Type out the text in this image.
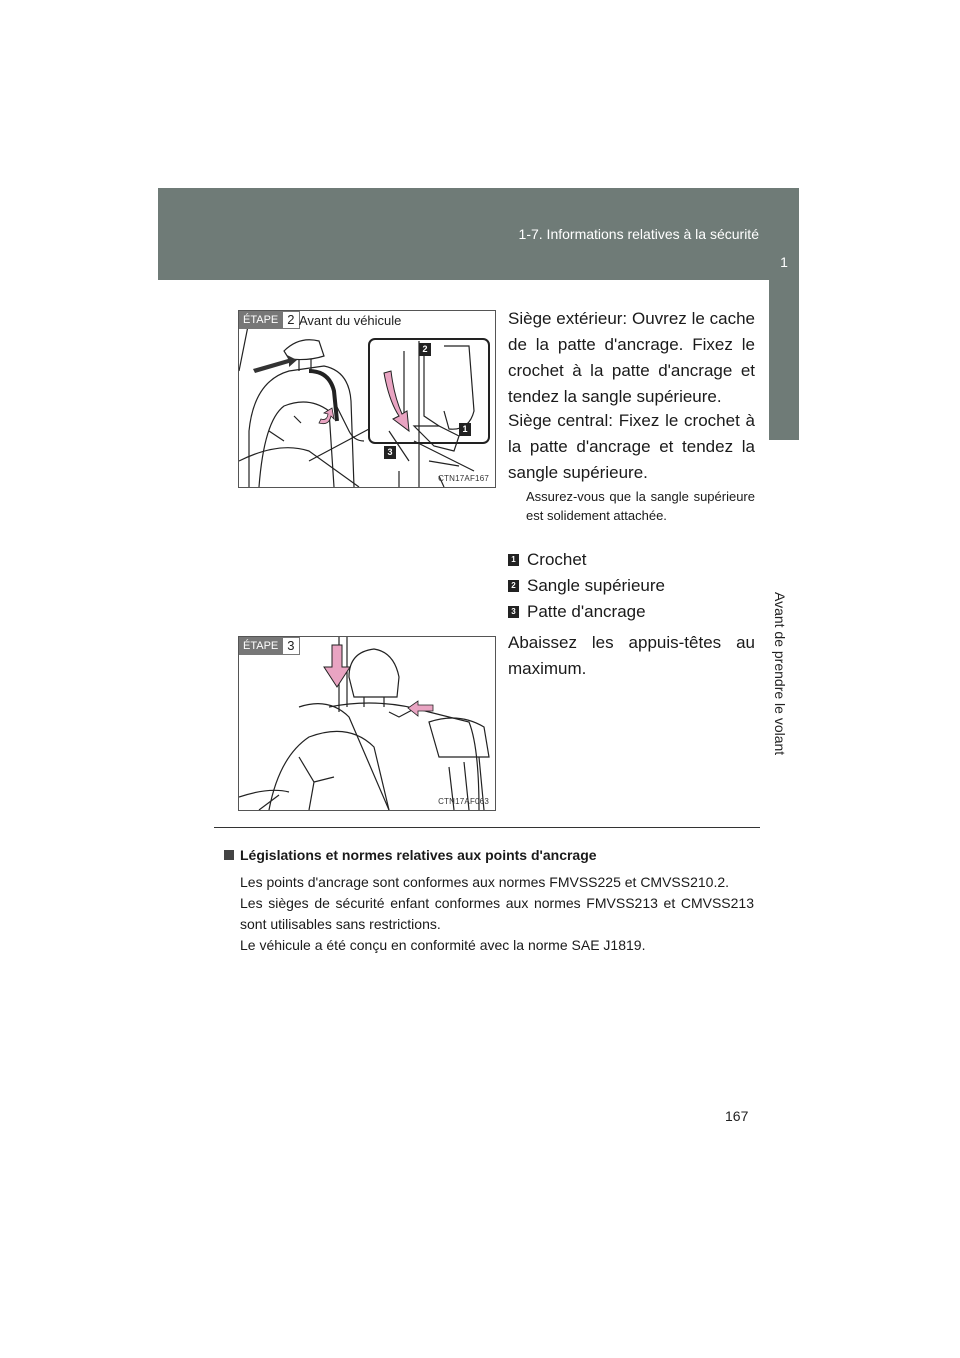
1-7. Informations relatives à la sécurité
1
Avant de prendre le volant
2
1
3
ÉTAPE 2 Avant du véhicule
CTN17AF167
ÉTAPE 3
CTN17AF063
Siège extérieur: Ouvrez le cache de la patte d'ancrage. Fixez le crochet à la patte d'ancrage et tendez la sangle supérieure.
Siège central: Fixez le crochet à la patte d'ancrage et tendez la sangle supérieure.
Assurez-vous que la sangle supérieure est solidement attachée.
1 Crochet
2 Sangle supérieure
3 Patte d'ancrage
Abaissez les appuis-têtes au maximum.
Législations et normes relatives aux points d'ancrage
Les points d'ancrage sont conformes aux normes FMVSS225 et CMVSS210.2.
Les sièges de sécurité enfant conformes aux normes FMVSS213 et CMVSS213 sont utilisables sans restrictions.
Le véhicule a été conçu en conformité avec la norme SAE J1819.
167
